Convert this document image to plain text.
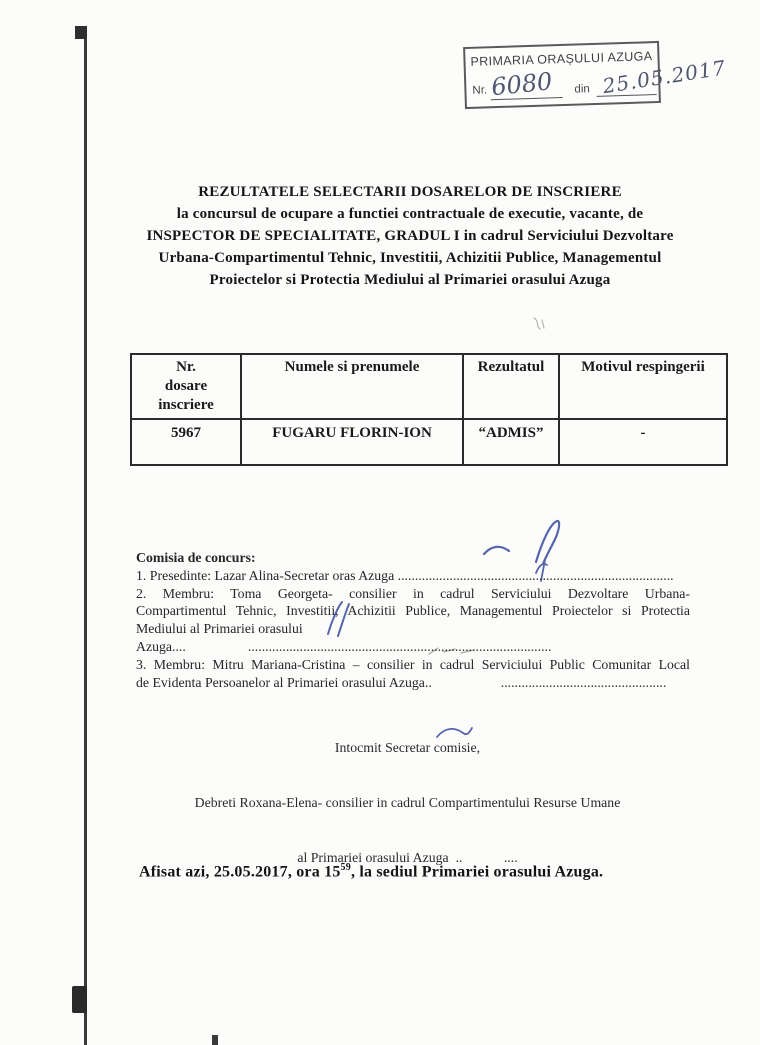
PRIMARIA ORAȘULUI AZUGA
Nr. 6080 din 25.05.2017
REZULTATELE SELECTARII DOSARELOR DE INSCRIERE
la concursul de ocupare a functiei contractuale de executie, vacante, de
INSPECTOR DE SPECIALITATE, GRADUL I in cadrul Serviciului Dezvoltare
Urbana-Compartimentul Tehnic, Investitii, Achizitii Publice, Managementul
Proiectelor si Protectia Mediului al Primariei orasului Azuga
Nr.
dosare
inscriere	Numele si prenumele	Rezultatul	Motivul respingerii
5967	FUGARU FLORIN-ION	“ADMIS”	-
Comisia de concurs:
1. Presedinte: Lazar Alina-Secretar oras Azuga ................................................................................
2. Membru: Toma Georgeta- consilier in cadrul Serviciului Dezvoltare Urbana-
Compartimentul Tehnic, Investitii, Achizitii Publice, Managementul Proiectelor si Protectia
Mediului al Primariei orasului Azuga....                  ........................................................................................
3. Membru: Mitru Mariana-Cristina – consilier in cadrul Serviciului Public Comunitar Local
de Evidenta Persoanelor al Primariei orasului Azuga..                    ................................................

Intocmit Secretar comisie,

Debreti Roxana-Elena- consilier in cadrul Compartimentului Resurse Umane

al Primariei orasului Azuga  ..            ....

Afisat azi, 25.05.2017, ora $15^{59}$, la sediul Primariei orasului Azuga.
